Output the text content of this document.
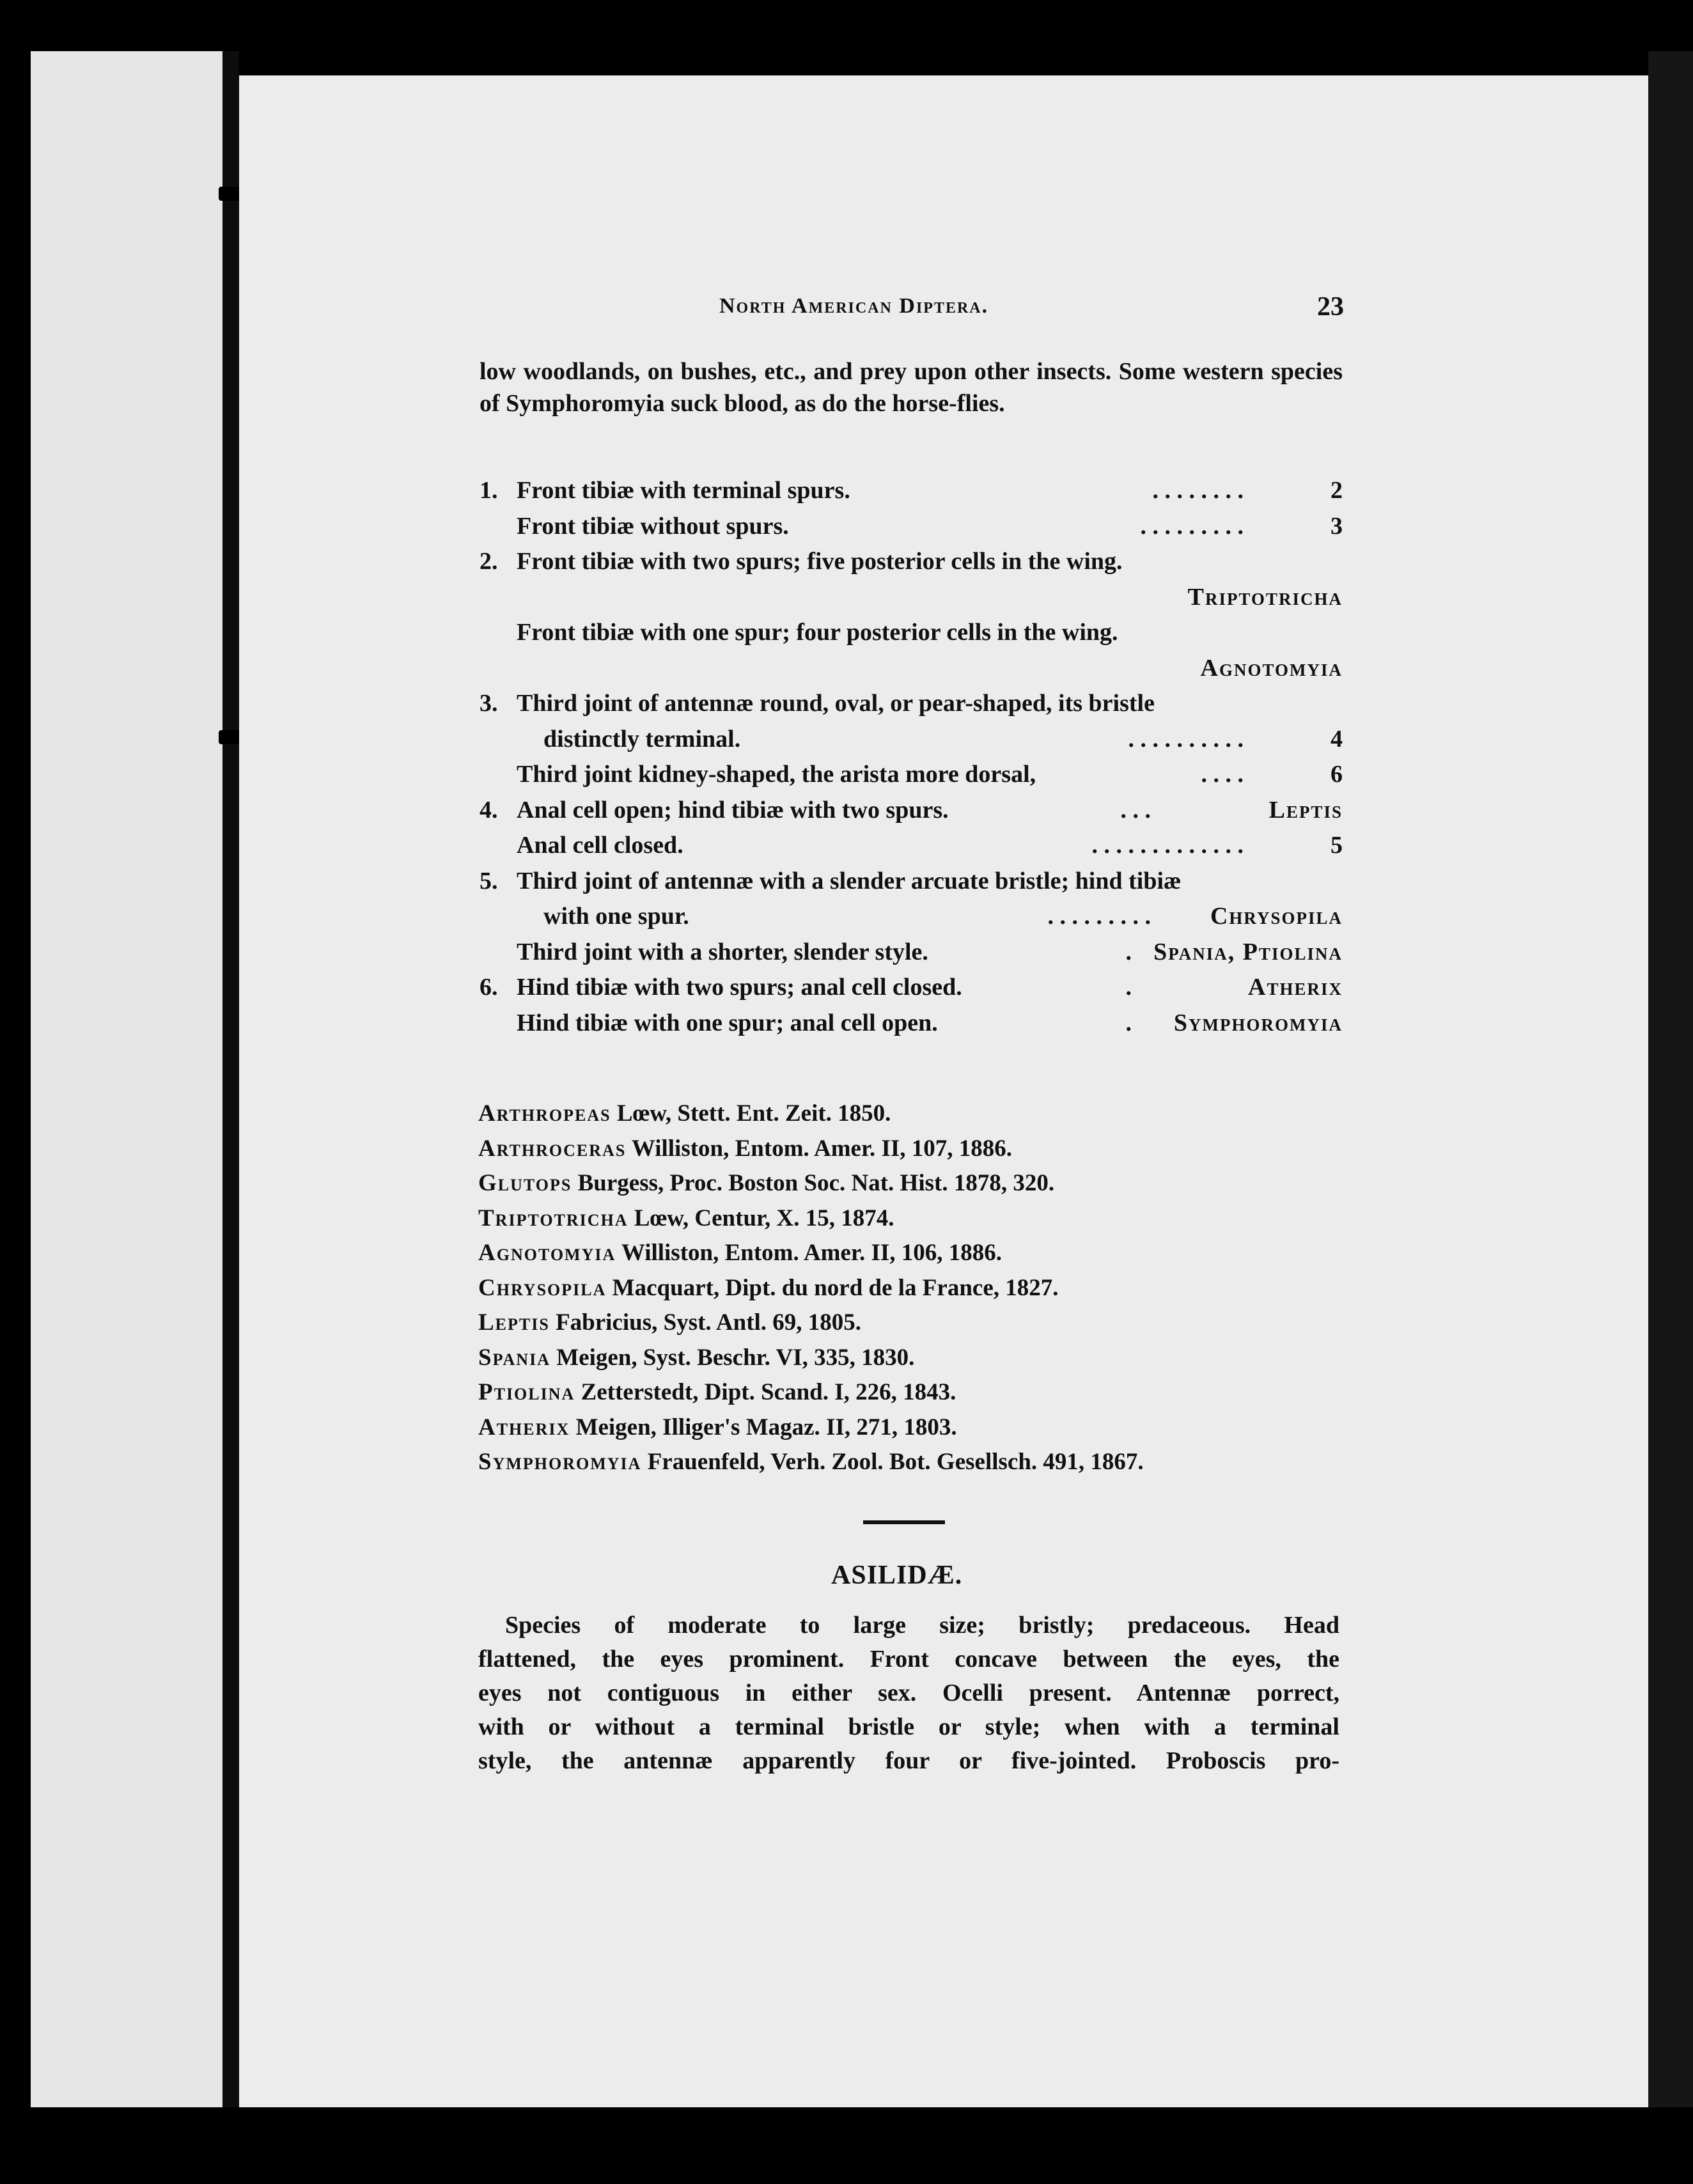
North American Diptera.	23
low woodlands, on bushes, etc., and prey upon other insects. Some western species of Symphoromyia suck blood, as do the horse-flies.
1. Front tibiæ with terminal spurs.	. . . . . . . .	2
Front tibiæ without spurs.	. . . . . . . . .	3
2. Front tibiæ with two spurs; five posterior cells in the wing.
Triptotricha
Front tibiæ with one spur; four posterior cells in the wing.
Agnotomyia
3. Third joint of antennæ round, oval, or pear-shaped, its bristle
distinctly terminal.	. . . . . . . . . .	4
Third joint kidney-shaped, the arista more dorsal,	. . . .	6
4. Anal cell open; hind tibiæ with two spurs.	. . .	Leptis
Anal cell closed.	. . . . . . . . . . . . .	5
5. Third joint of antennæ with a slender arcuate bristle; hind tibiæ
with one spur.	. . . . . . . . . Chrysopila
Third joint with a shorter, slender style.	. Spania, Ptiolina
6. Hind tibiæ with two spurs; anal cell closed.	.	Atherix
Hind tibiæ with one spur; anal cell open.	. Symphoromyia
Arthropeas Lœw, Stett. Ent. Zeit. 1850.
Arthroceras Williston, Entom. Amer. II, 107, 1886.
Glutops Burgess, Proc. Boston Soc. Nat. Hist. 1878, 320.
Triptotricha Lœw, Centur, X. 15, 1874.
Agnotomyia Williston, Entom. Amer. II, 106, 1886.
Chrysopila Macquart, Dipt. du nord de la France, 1827.
Leptis Fabricius, Syst. Antl. 69, 1805.
Spania Meigen, Syst. Beschr. VI, 335, 1830.
Ptiolina Zetterstedt, Dipt. Scand. I, 226, 1843.
Atherix Meigen, Illiger's Magaz. II, 271, 1803.
Symphoromyia Frauenfeld, Verh. Zool. Bot. Gesellsch. 491, 1867.
ASILIDÆ.
Species of moderate to large size; bristly; predaceous. Head
flattened, the eyes prominent. Front concave between the eyes, the
eyes not contiguous in either sex. Ocelli present. Antennæ porrect,
with or without a terminal bristle or style; when with a terminal
style, the antennæ apparently four or five-jointed. Proboscis pro-
